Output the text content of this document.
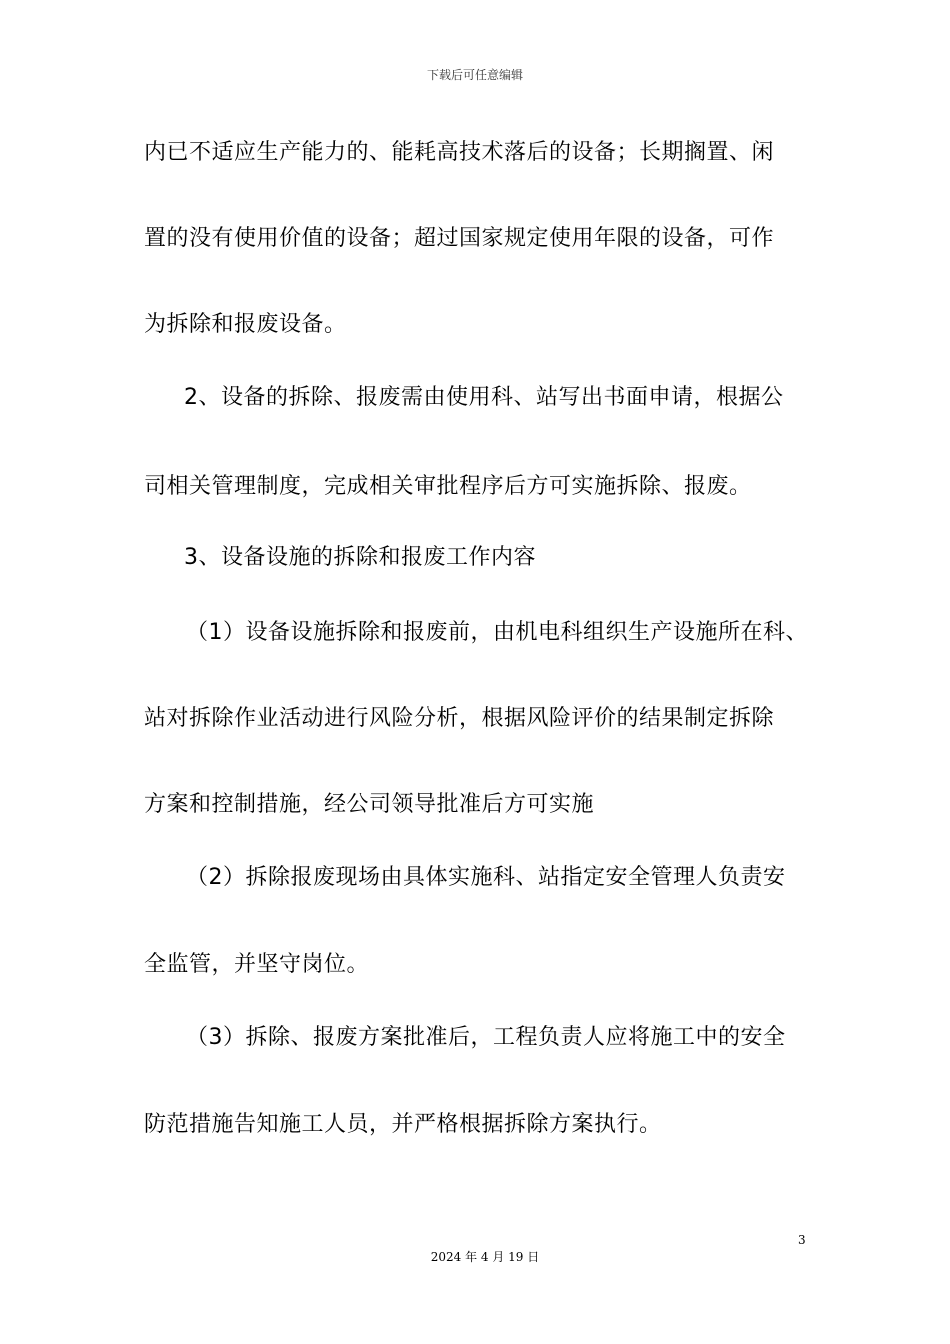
下载后可任意编辑
内已不适应生产能力的、能耗高技术落后的设备；长期搁置、闲
置的没有使用价值的设备；超过国家规定使用年限的设备，可作
为拆除和报废设备。
2、设备的拆除、报废需由使用科、站写出书面申请，根据公
司相关管理制度，完成相关审批程序后方可实施拆除、报废。
3、设备设施的拆除和报废工作内容
（1）设备设施拆除和报废前，由机电科组织生产设施所在科、
站对拆除作业活动进行风险分析，根据风险评价的结果制定拆除
方案和控制措施，经公司领导批准后方可实施
（2）拆除报废现场由具体实施科、站指定安全管理人负责安
全监管，并坚守岗位。
（3）拆除、报废方案批准后，工程负责人应将施工中的安全
防范措施告知施工人员，并严格根据拆除方案执行。
3
2024 年 4 月 19 日
